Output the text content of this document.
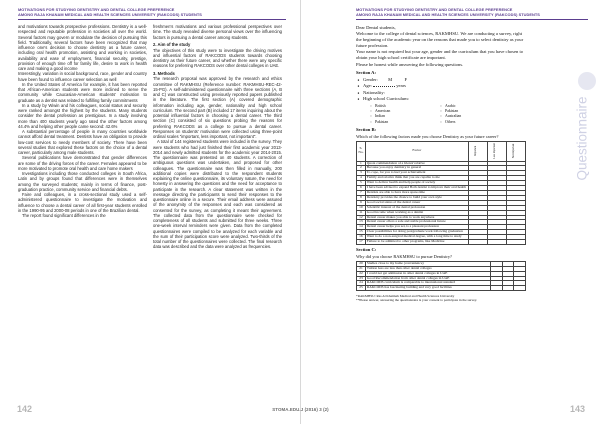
MOTIVATIONS FOR STUDYING DENTISTRY AND DENTAL COLLEGE PREFERENCE
AMONG RAJA KHANAM MEDICAL AND HEALTH SCIENCES UNIVERSITY (RAKCODS) STUDENTS

and motivations towards prospective professions. Dentistry is a well-respected and reputable profession in societies all over the world. Several factors may govern or modulate the decision of pursuing this field. Traditionally, several factors have been recognized that may influence one's decision to choose dentistry as a future career, including oral health promotion, assisting and working in societies, availability and ease of employment, financial security, prestige, provision of enough time off for family life, desire to work in health care and making a good income

Interestingly, variation in social background, race, gender and country have been found to influence career selection as well

In the United States of America for example, it has been reported that African-American students were more inclined to serve the community while Caucasian-American students' motivation to graduate as a dentist was related to fulfilling family commitments

In a study by Wiwin and his colleagues, social status and security were ranked amongst the highest by the students. Many students consider the dental profession as prestigious. In a study involving more than 400 students yearly ago rated the other factors among 44.4% and helping other people came second: 42.6%

A substantial percentage of people in many countries worldwide cannot afford dental treatment. Dentists have an obligation to provide low-cost services to needy members of society. There have been several studies that explored these factors on the choice of a dental career, particularly among male students.

Several publications have demonstrated that gender differences are some of the driving forces of the career. Females appeared to be more motivated to promote oral health and care home makers

Investigations including those conducted colleges in South Africa, Latin and by groups found that differences were in themselves among the surveyed students; mainly in terms of finance, post-graduation practice, community service and financial debts.

Faire and colleagues, in a cross-sectional study used a self-administered questionnaire to investigate the motivation and influence to choose a dental career of all first-year students enrolled in the 1990-95 and 2000-08 periods in one of the Brazilian dental.

The report found significant differences in the

freshmen's motivations and various professional perspectives over time. The study revealed diverse personal views over the influencing factors in pursuing a dental career among students.

2. Aim of the study

The objectives of this study were to investigate the driving motives and influential factors of RAKCODS students towards choosing dentistry as their future career, and whether there were any specific reasons for preferring RAKCODS over other dental colleges in UAE.

3. Methods

The research proposal was approved by the research and ethics committee of RAKMHSU (Reference number: RAKMHSU-REC-42-15-PG). A self-administered questionnaire with three sections (A, B and C) was constructed using previously reported papers published in the literature. The first section (A) covered demographic information including age, gender, nationality and high school curriculum. The second part (B) included 17 items inquiring about the potential influential factors in choosing a dental career. The third section (C) consisted of six questions probing the reasons for preferring RAKCODS as a college to pursue a dental career. Responses on students' motivation were collected using three-point ordinal scales "important, less important, not important".

A total of 144 registered students were included in the survey. They were students who had just finished their first academic year 2013-2014 and newly admitted students for the academic year 2014-2015. The questionnaire was pretested on 40 students. A correction of ambiguous questions was undertaken, and proposed for other colleagues. The questionnaire was then filled in manually, 200 additional copies were distributed to the respondent students explaining the online questionnaire, its voluntary nature, the need for honesty in answering the questions and the need for acceptance to participate in the research. A clear statement was written in the message directing the participants to send their responses to the questionnaire online in a secure. Their email address were assured of the anonymity of the responses and each was considered as consented for the survey, as completing it meant their agreement. The collected data from the questionnaire were checked for completeness of all students and submitted for three weeks. Three one-week interval reminders were given. Data from the completed questionnaires were compiled to be analyzed for each variable and the sum of their participation score were analyzed. Two-thirds of the total number of the questionnaires were collected. The final research data was described and the data were analyzed as frequencies.

MOTIVATIONS FOR STUDYING DENTISTRY AND DENTAL COLLEGE PREFERENCE
AMONG RAJA KHANAM MEDICAL AND HEALTH SCIENCES UNIVERSITY (RAKCODS) STUDENTS

Dear Dental students,

Welcome to the college of dental sciences, RAKMHSU. We are conducting a survey, right

the beginning of the academic year on the reasons that made you to select dentistry as your

future profession.

Your name is not required but your age, gender and the curriculum that you have chosen to

obtain your high school certificate are important.

Please be honest while answering the following questions.

Section A:
● Gender: M	F
● Age:	years
● Nationality:
● High school Curriculum:
○ British
○ American
○ Indian
○ Pakistan
○ Arabic
○ Pakistan
○ Australian
○ Others
Section B:
Which of the following factors made you choose Dentistry as your future career?
S. No.	Factor	Important	Less important	Not important

1	Quota commendation of a friend/ relative			
2	Because you enjoy dentistry in general			
3	To cope, for you to feel your achievement			
4	Family and relative think that you are capable to me			
5	Want to deliver health and help people of society			
6	I have been advised to expand Both dentist to improve their oral health			
7	Dentists are able to have more spare-time			
8	Dentistry provides the chance to build your own style			
9	Good social status of the dental career			
10	Scientific interest of the dental profession			
11	Good income when working as a dentist			
12	Dental career makes you able to work anywhere			
13	Dental career offers a safe and stable professional future			
14	Dental career helps you set, is a pleasant profession			
15	Clear possibilities for doing postgraduate work following graduation			
16	Want to do a non-surgical medical degree, with a long time to study			
17	Failure to be admitted to other programs, like Medicine			
Section C:
Why did you choose RAKMHSU to pursue Dentistry?
20	Studies close to my home (convenience)			
21	Tuition fees are less than other dental colleges			
22	I could not get admission in other dental colleges in UAE			
23	Good Recommendation from other dental colleges in UAE			
24	RAKCODS curriculum is comparable to international standard			
25	RAKCODS has fascinating building and very good facilities			
*RAKMHSU: Ras Al Khaimah Medical and Health Sciences University
**Please answer, answering the questionnaire is your consent to participate in the survey.
Questionnaire
142	STOMA.EDU.J (2016) 3 (2)	143
